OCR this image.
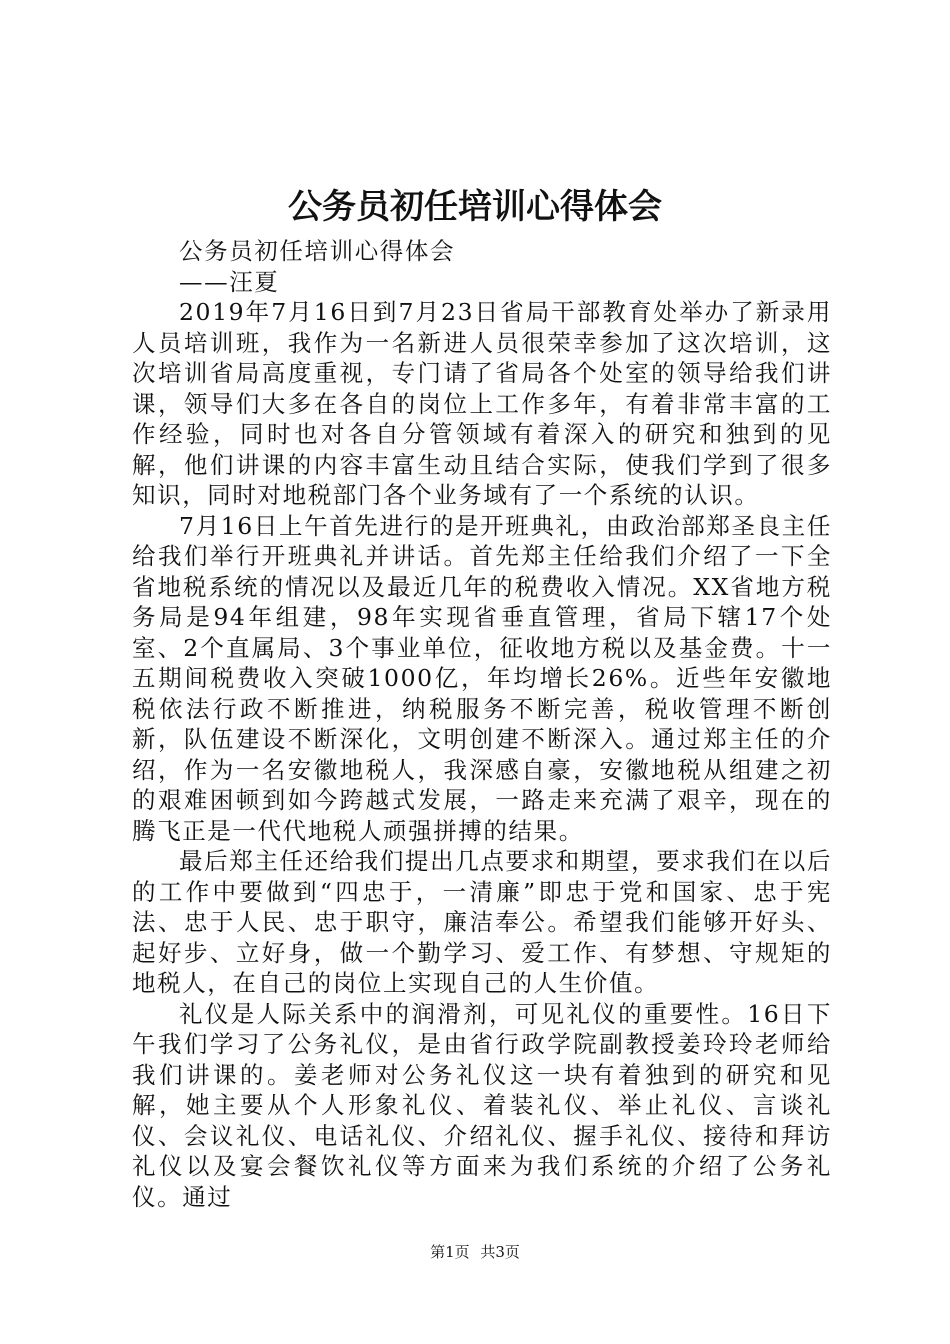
公务员初任培训心得体会

公务员初任培训心得体会

——汪夏

2019年7月16日到7月23日省局干部教育处举办了新录用人员培训班，我作为一名新进人员很荣幸参加了这次培训，这次培训省局高度重视，专门请了省局各个处室的领导给我们讲课，领导们大多在各自的岗位上工作多年，有着非常丰富的工作经验，同时也对各自分管领域有着深入的研究和独到的见解，他们讲课的内容丰富生动且结合实际，使我们学到了很多知识，同时对地税部门各个业务域有了一个系统的认识。

7月16日上午首先进行的是开班典礼，由政治部郑圣良主任给我们举行开班典礼并讲话。首先郑主任给我们介绍了一下全省地税系统的情况以及最近几年的税费收入情况。XX省地方税务局是94年组建，98年实现省垂直管理，省局下辖17个处室、2个直属局、3个事业单位，征收地方税以及基金费。十一五期间税费收入突破1000亿，年均增长26%。近些年安徽地税依法行政不断推进，纳税服务不断完善，税收管理不断创新，队伍建设不断深化，文明创建不断深入。通过郑主任的介绍，作为一名安徽地税人，我深感自豪，安徽地税从组建之初的艰难困顿到如今跨越式发展，一路走来充满了艰辛，现在的腾飞正是一代代地税人顽强拼搏的结果。

最后郑主任还给我们提出几点要求和期望，要求我们在以后的工作中要做到“四忠于，一清廉”即忠于党和国家、忠于宪法、忠于人民、忠于职守，廉洁奉公。希望我们能够开好头、起好步、立好身，做一个勤学习、爱工作、有梦想、守规矩的地税人，在自己的岗位上实现自己的人生价值。

礼仪是人际关系中的润滑剂，可见礼仪的重要性。16日下午我们学习了公务礼仪，是由省行政学院副教授姜玲玲老师给我们讲课的。姜老师对公务礼仪这一块有着独到的研究和见解，她主要从个人形象礼仪、着装礼仪、举止礼仪、言谈礼仪、会议礼仪、电话礼仪、介绍礼仪、握手礼仪、接待和拜访礼仪以及宴会餐饮礼仪等方面来为我们系统的介绍了公务礼仪。通过

第1页 共3页
